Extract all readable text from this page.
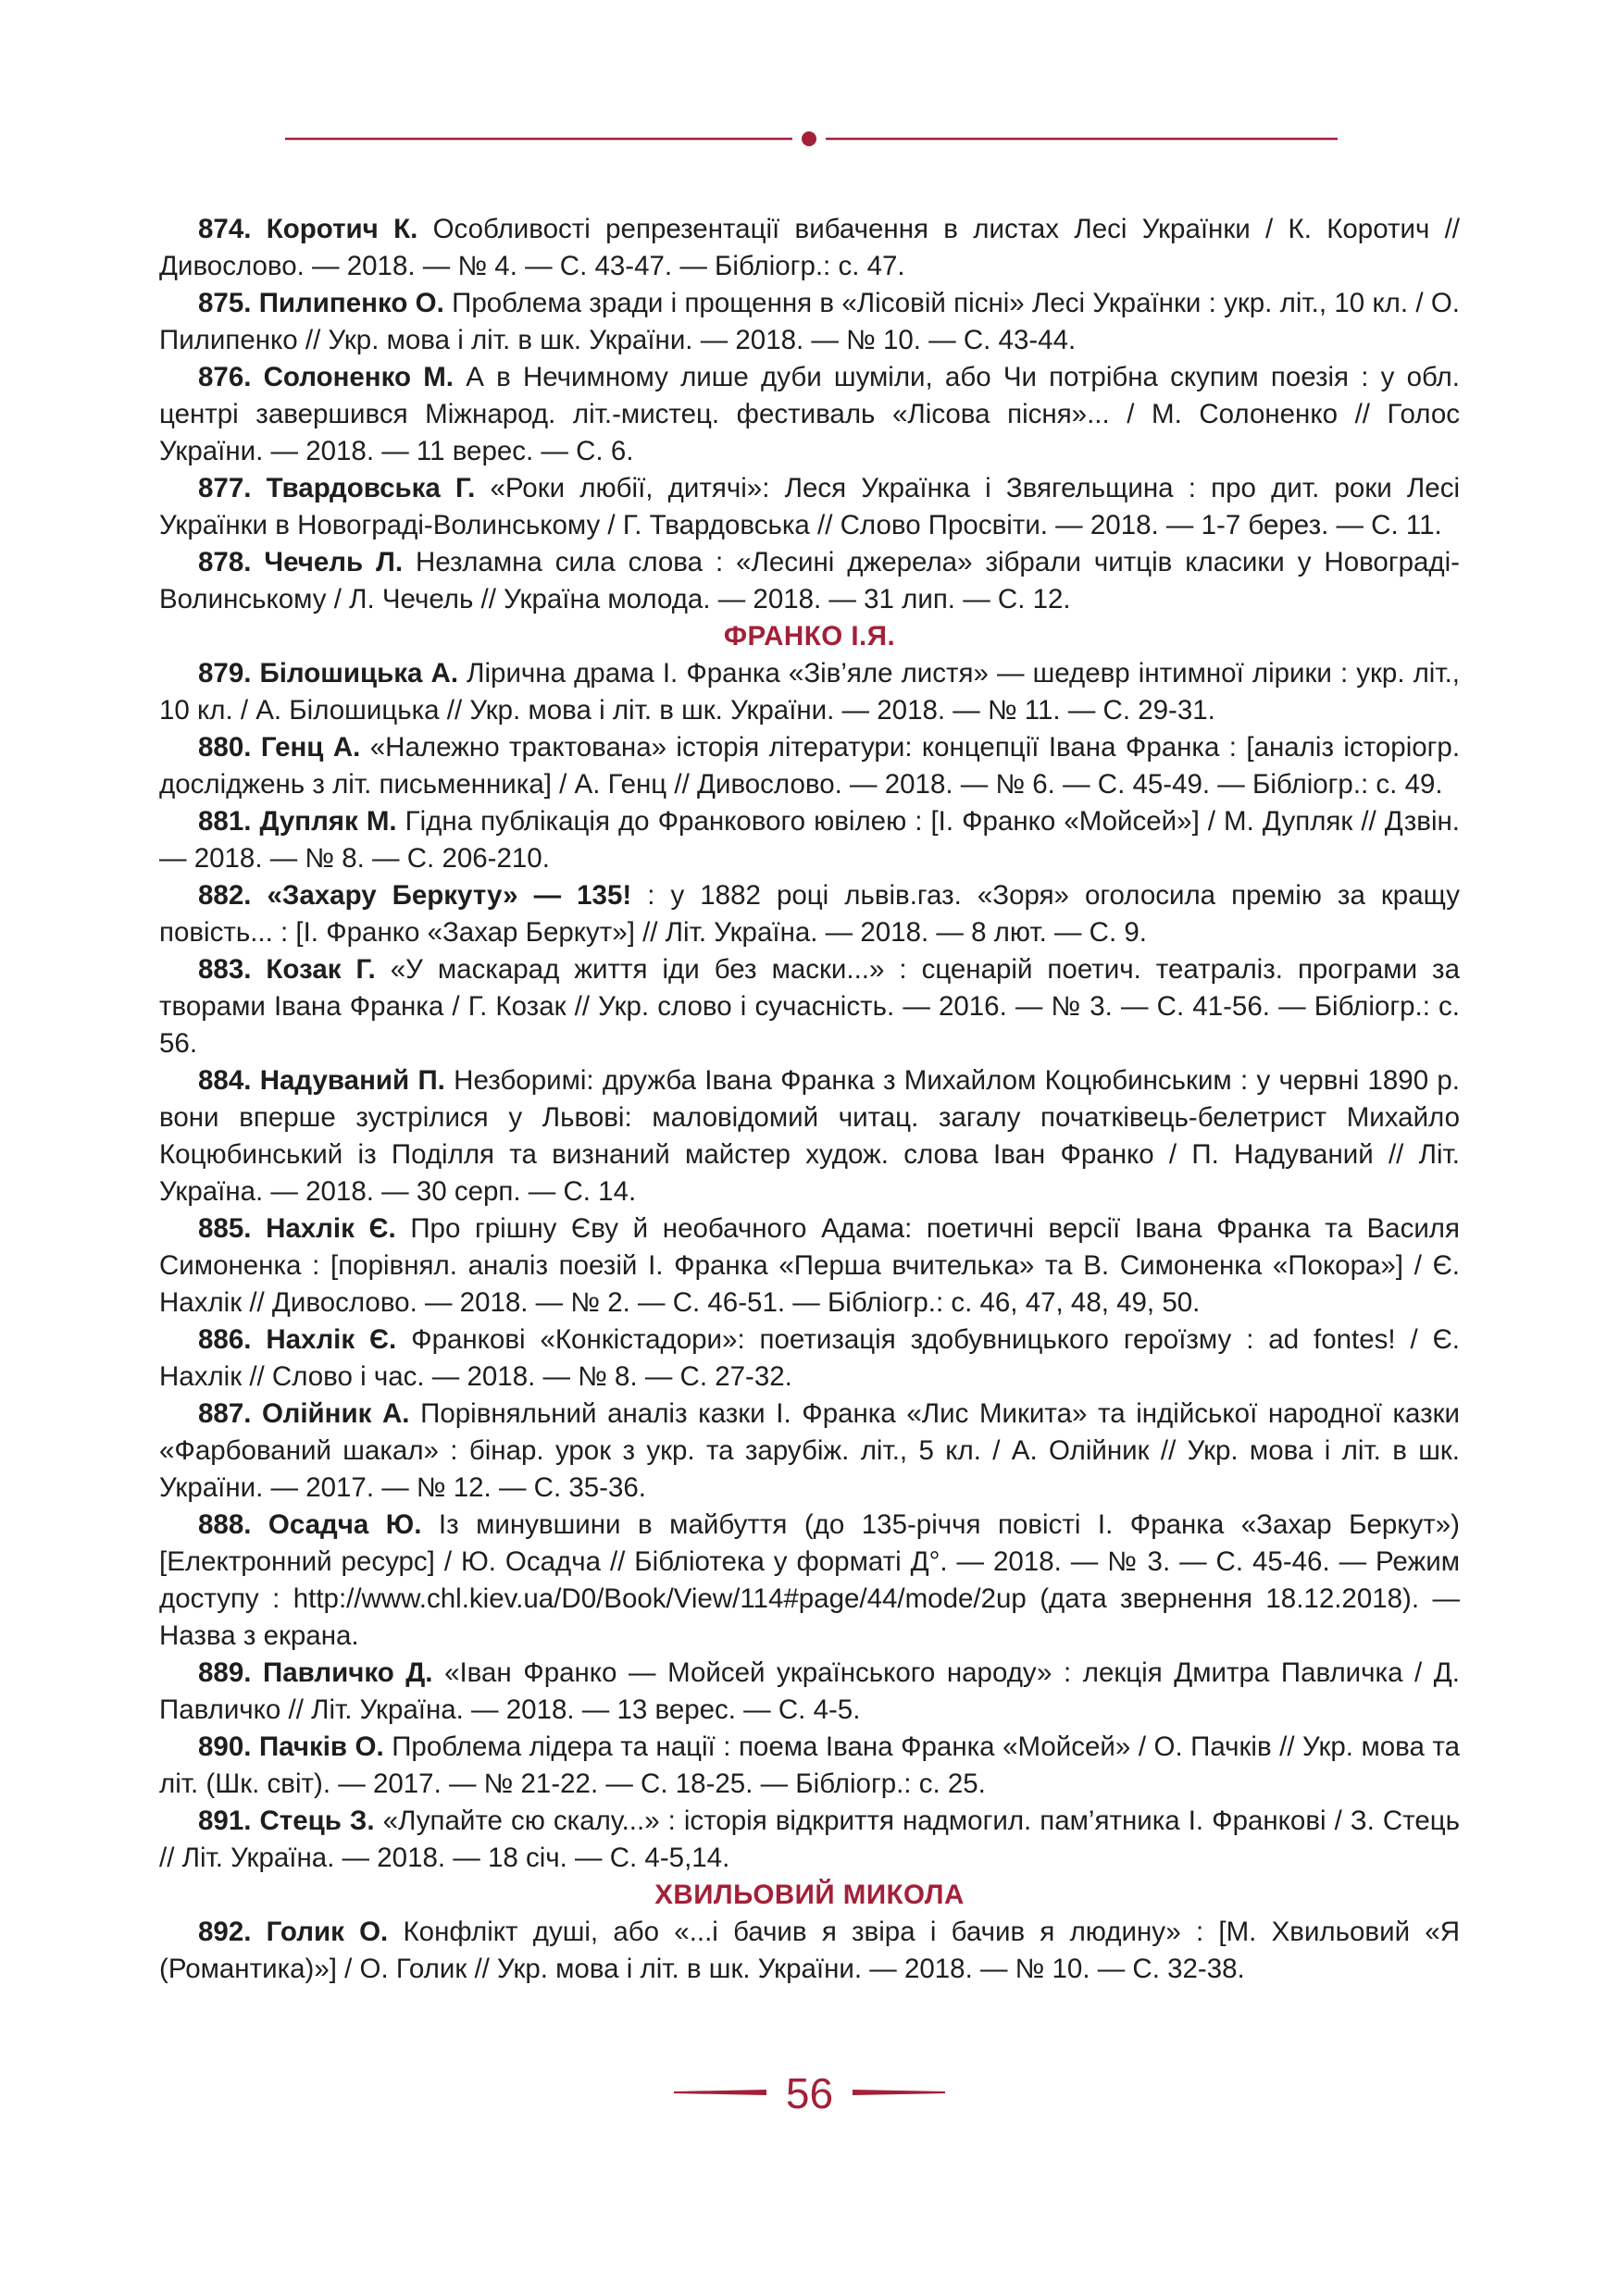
874. Коротич К. Особливості репрезентації вибачення в листах Лесі Українки / К. Коротич // Дивослово. — 2018. — № 4. — С. 43-47. — Бібліогр.: с. 47.

875. Пилипенко О. Проблема зради і прощення в «Лісовій пісні» Лесі Українки : укр. літ., 10 кл. / О. Пилипенко // Укр. мова і літ. в шк. України. — 2018. — № 10. — С. 43-44.

876. Солоненко М. А в Нечимному лише дуби шуміли, або Чи потрібна скупим поезія : у обл. центрі завершився Міжнарод. літ.-мистец. фестиваль «Лісова пісня»... / М. Солоненко // Голос України. — 2018. — 11 верес. — С. 6.

877. Твардовська Г. «Роки любії, дитячі»: Леся Українка і Звягельщина : про дит. роки Лесі Українки в Новограді-Волинському / Г. Твардовська // Слово Просвіти. — 2018. — 1-7 берез. — С. 11.

878. Чечель Л. Незламна сила слова : «Лесині джерела» зібрали читців класики у Новограді-Волинському / Л. Чечель // Україна молода. — 2018. — 31 лип. — С. 12.

ФРАНКО І.Я.

879. Білошицька А. Лірична драма І. Франка «Зів’яле листя» — шедевр інтимної лірики : укр. літ., 10 кл. / А. Білошицька // Укр. мова і літ. в шк. України. — 2018. — № 11. — С. 29-31.

880. Генц А. «Належно трактована» історія літератури: концепції Івана Франка : [аналіз історіогр. досліджень з літ. письменника] / А. Генц // Дивослово. — 2018. — № 6. — С. 45-49. — Бібліогр.: с. 49.

881. Дупляк М. Гідна публікація до Франкового ювілею : [І. Франко «Мойсей»] / М. Дупляк // Дзвін. — 2018. — № 8. — С. 206-210.

882. «Захару Беркуту» — 135! : у 1882 році львів.газ. «Зоря» оголосила премію за кращу повість... : [І. Франко «Захар Беркут»] // Літ. Україна. — 2018. — 8 лют. — С. 9.

883. Козак Г. «У маскарад життя іди без маски...» : сценарій поетич. театраліз. програми за творами Івана Франка / Г. Козак // Укр. слово і сучасність. — 2016. — № 3. — С. 41-56. — Бібліогр.: с. 56.

884. Надуваний П. Незборимі: дружба Івана Франка з Михайлом Коцюбинським : у червні 1890 р. вони вперше зустрілися у Львові: маловідомий читац. загалу початківець-белетрист Михайло Коцюбинський із Поділля та визнаний майстер худож. слова Іван Франко / П. Надуваний // Літ. Україна. — 2018. — 30 серп. — С. 14.

885. Нахлік Є. Про грішну Єву й необачного Адама: поетичні версії Івана Франка та Василя Симоненка : [порівнял. аналіз поезій І. Франка «Перша вчителька» та В. Симоненка «Покора»] / Є. Нахлік // Дивослово. — 2018. — № 2. — С. 46-51. — Бібліогр.: с. 46, 47, 48, 49, 50.

886. Нахлік Є. Франкові «Конкістадори»: поетизація здобувницького героїзму : ad fontes! / Є. Нахлік // Слово і час. — 2018. — № 8. — С. 27-32.

887. Олійник А. Порівняльний аналіз казки І. Франка «Лис Микита» та індійської народної казки «Фарбований шакал» : бінар. урок з укр. та зарубіж. літ., 5 кл. / А. Олійник // Укр. мова і літ. в шк. України. — 2017. — № 12. — С. 35-36.

888. Осадча Ю. Із минувшини в майбуття (до 135-річчя повісті І. Франка «Захар Беркут») [Електронний ресурс] / Ю. Осадча // Бібліотека у форматі Д°. — 2018. — № 3. — С. 45-46. — Режим доступу : http://www.chl.kiev.ua/D0/Book/View/114#page/44/mode/2up (дата звернення 18.12.2018). — Назва з екрана.

889. Павличко Д. «Іван Франко — Мойсей українського народу» : лекція Дмитра Павличка / Д. Павличко // Літ. Україна. — 2018. — 13 верес. — С. 4-5.

890. Пачків О. Проблема лідера та нації : поема Івана Франка «Мойсей» / О. Пачків // Укр. мова та літ. (Шк. світ). — 2017. — № 21-22. — С. 18-25. — Бібліогр.: с. 25.

891. Стець З. «Лупайте сю скалу...» : історія відкриття надмогил. пам’ятника І. Франкові / З. Стець // Літ. Україна. — 2018. — 18 січ. — С. 4-5,14.

ХВИЛЬОВИЙ МИКОЛА

892. Голик О. Конфлікт душі, або «...і бачив я звіра і бачив я людину» : [М. Хвильовий «Я (Романтика)»] / О. Голик // Укр. мова і літ. в шк. України. — 2018. — № 10. — С. 32-38.

56
